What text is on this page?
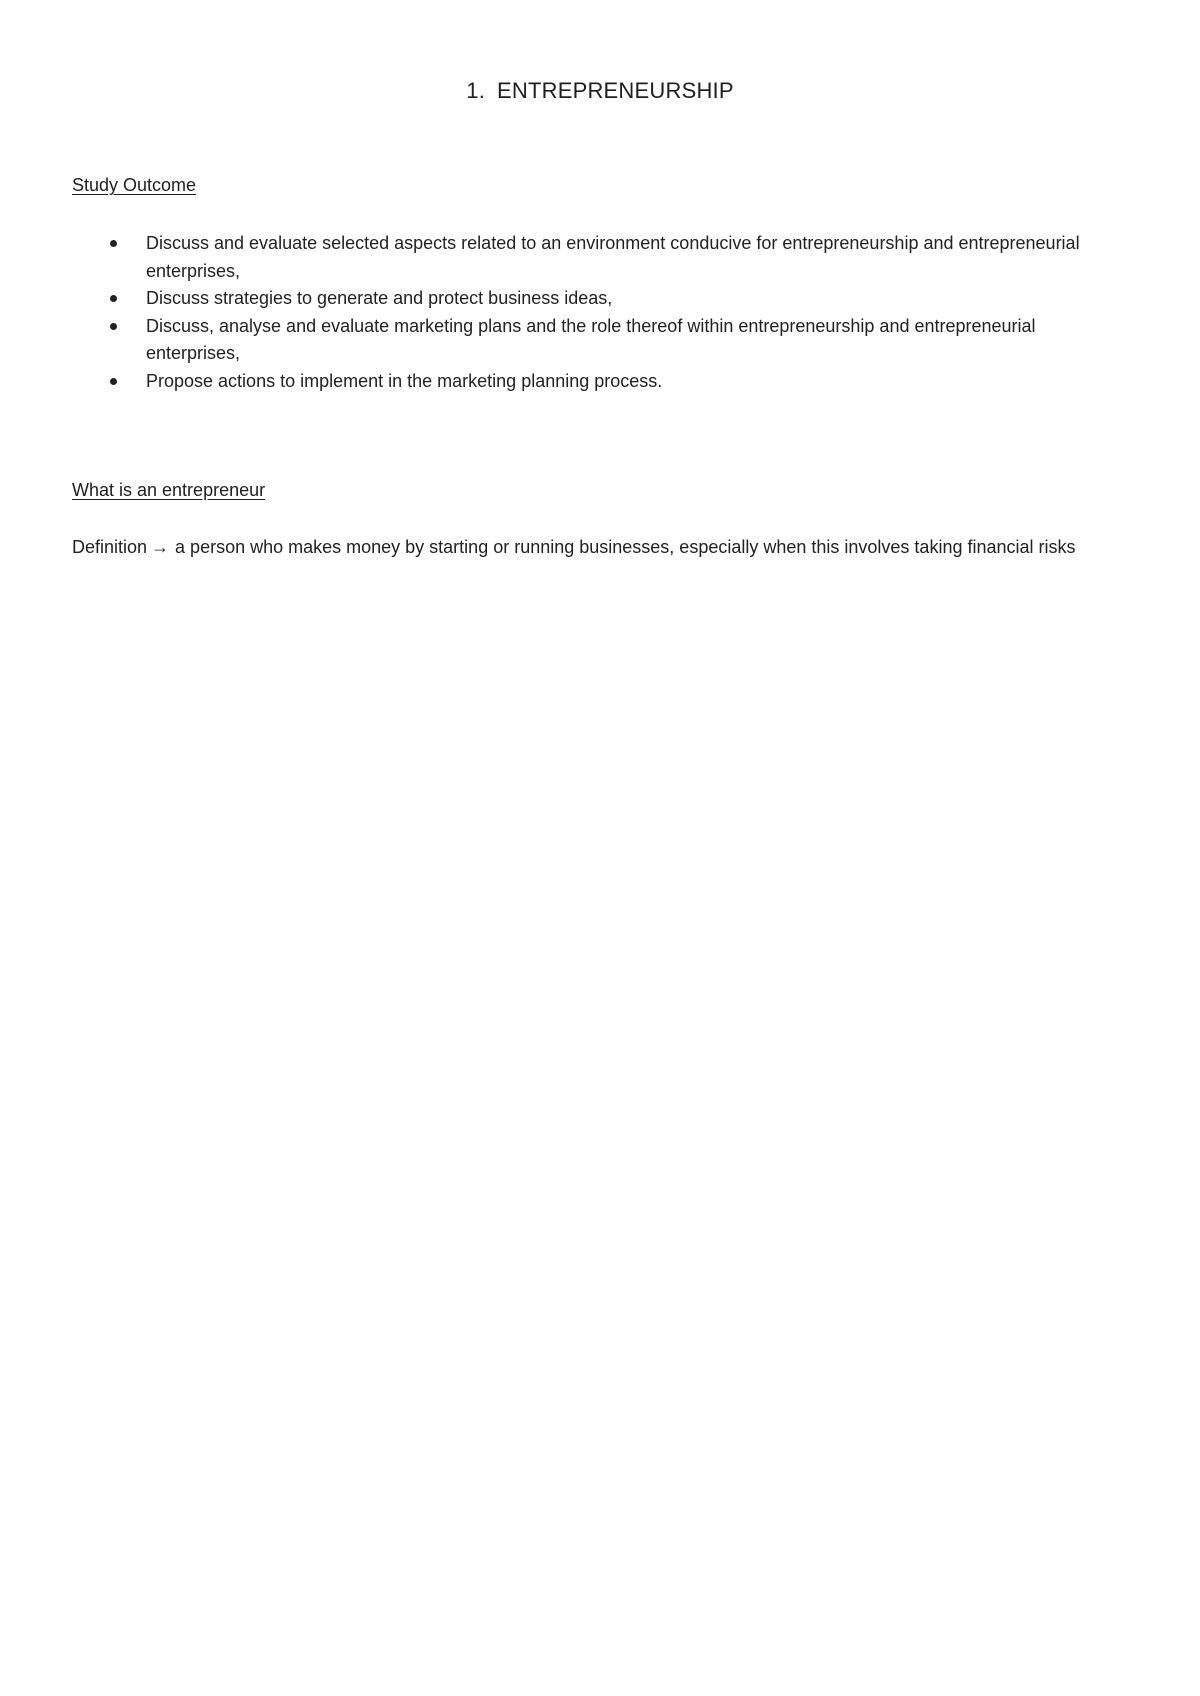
1. ENTREPRENEURSHIP
Study Outcome
Discuss and evaluate selected aspects related to an environment conducive for entrepreneurship and entrepreneurial enterprises,
Discuss strategies to generate and protect business ideas,
Discuss, analyse and evaluate marketing plans and the role thereof within entrepreneurship and entrepreneurial enterprises,
Propose actions to implement in the marketing planning process.
What is an entrepreneur
Definition → a person who makes money by starting or running businesses, especially when this involves taking financial risks
